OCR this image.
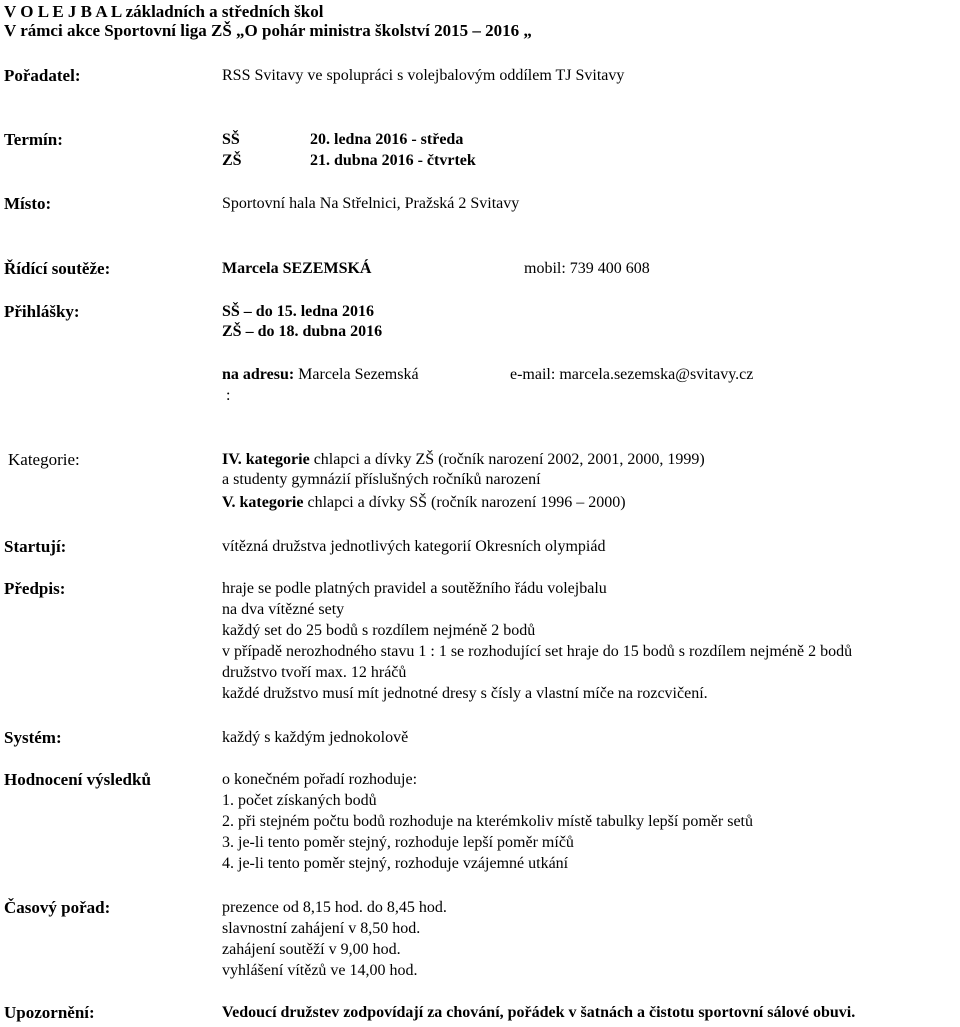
V O L E J B A L základních a středních škol
V rámci akce Sportovní liga ZŠ „O pohár ministra školství 2015 – 2016 „
Pořadatel:	RSS Svitavy ve spolupráci s volejbalovým oddílem TJ Svitavy
Termín:	SŠ	20. ledna 2016 - středa
ZŠ	21. dubna 2016 - čtvrtek
Místo:	Sportovní hala Na Střelnici, Pražská 2 Svitavy
Řídící soutěže:	Marcela SEZEMSKÁ	mobil: 739 400 608
Přihlášky:	SŠ – do 15. ledna 2016
ZŠ – do 18. dubna 2016
na adresu: Marcela Sezemská
:
e-mail: marcela.sezemska@svitavy.cz
Kategorie:	IV. kategorie chlapci a dívky ZŠ (ročník narození 2002, 2001, 2000, 1999)
a studenty gymnázií příslušných ročníků narození
V. kategorie chlapci a dívky SŠ (ročník narození 1996 – 2000)
Startují:	vítězná družstva jednotlivých kategorií Okresních olympiád
Předpis:	hraje se podle platných pravidel a soutěžního řádu volejbalu
na dva vítězné sety
každý set do 25 bodů s rozdílem nejméně 2 bodů
v případě nerozhodného stavu 1 : 1 se rozhodující set hraje do 15 bodů s rozdílem nejméně 2 bodů
družstvo tvoří max. 12 hráčů
každé družstvo musí mít jednotné dresy s čísly a vlastní míče na rozcvičení.
Systém:	každý s každým jednokolově
Hodnocení výsledků	o konečném pořadí rozhoduje:
1. počet získaných bodů
2. při stejném počtu bodů rozhoduje na kterémkoliv místě tabulky lepší poměr setů
3. je-li tento poměr stejný, rozhoduje lepší poměr míčů
4. je-li tento poměr stejný, rozhoduje vzájemné utkání
Časový pořad:	prezence od 8,15 hod. do 8,45 hod.
slavnostní zahájení v 8,50 hod.
zahájení soutěží v 9,00 hod.
vyhlášení vítězů ve 14,00 hod.
Upozornění:	Vedoucí družstev zodpovídají za chování, pořádek v šatnách a čistotu sportovní sálové obuvi.
